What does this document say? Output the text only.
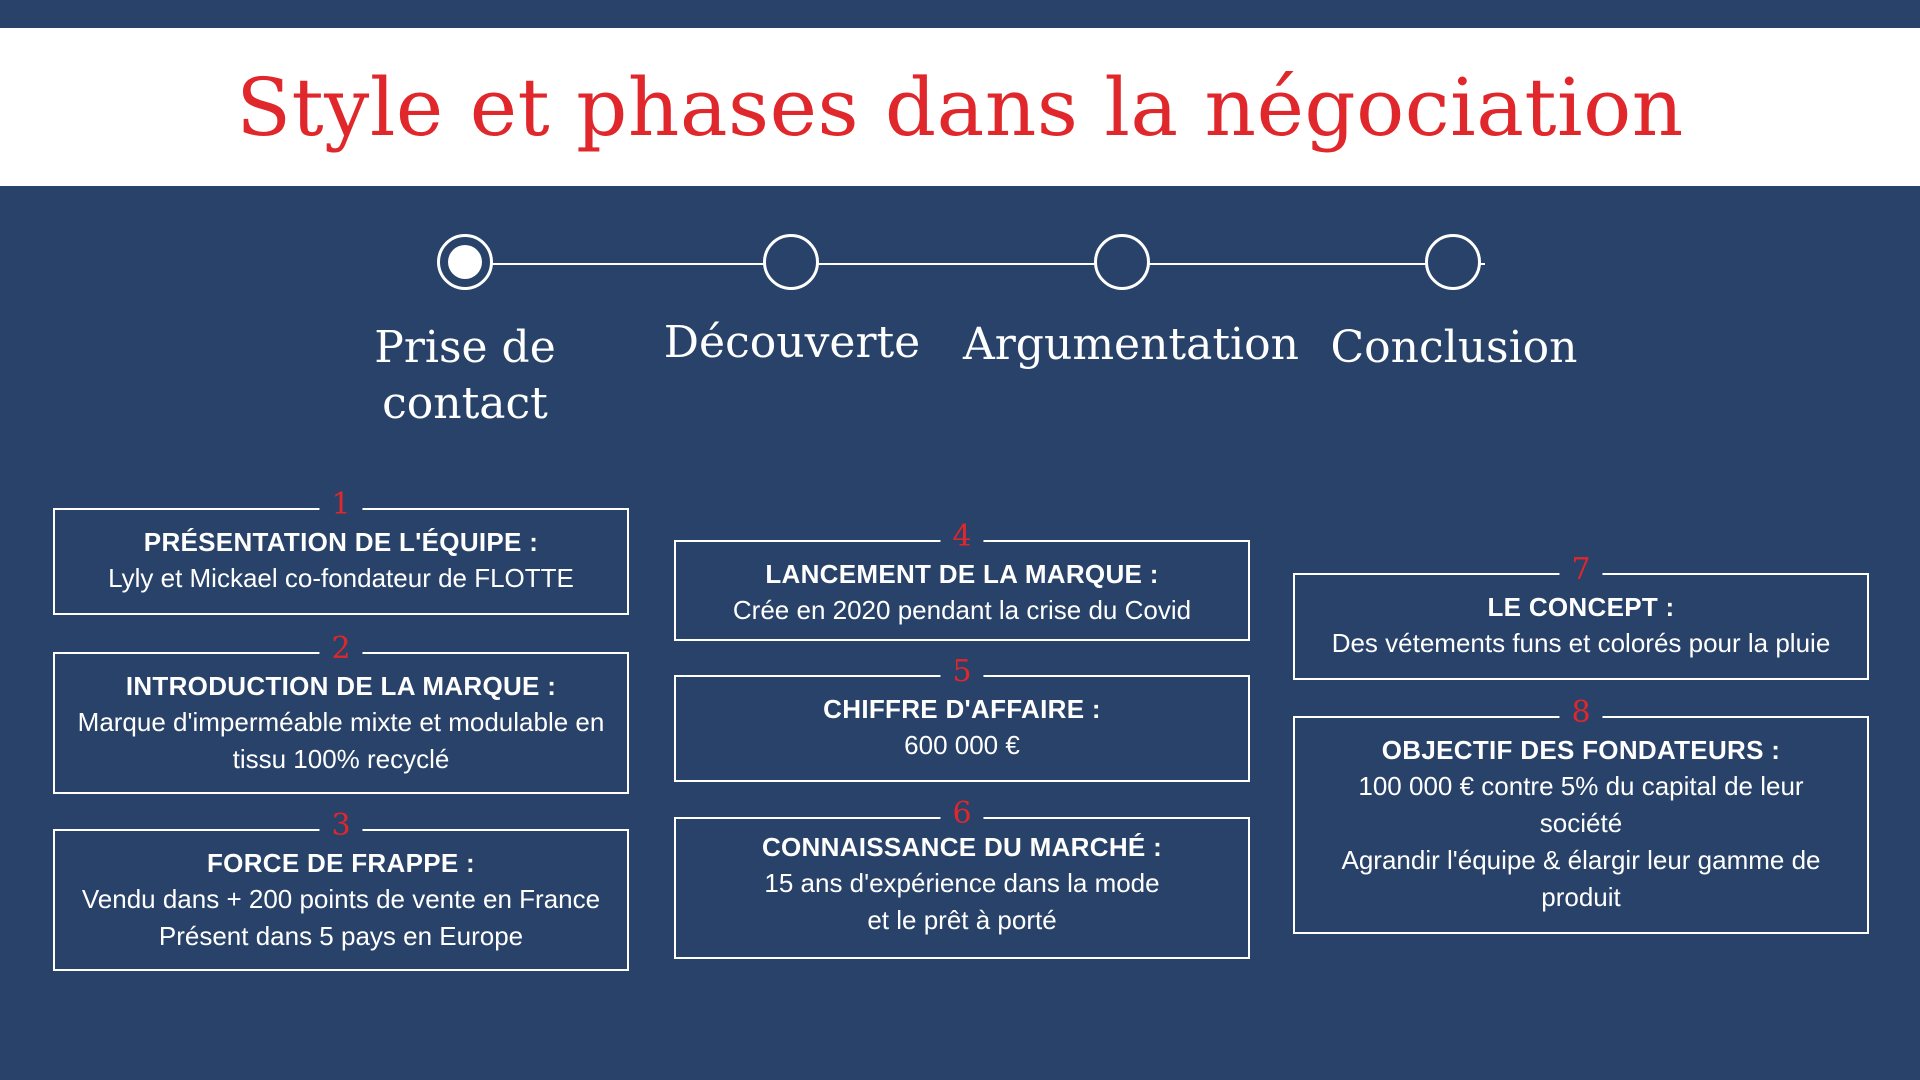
Style et phases dans la négociation
Prise de
contact
Découverte Argumentation Conclusion
1
PRÉSENTATION DE L'ÉQUIPE :
Lyly et Mickael co-fondateur de FLOTTE
2
INTRODUCTION DE LA MARQUE :
Marque d'imperméable mixte et modulable en
tissu 100% recyclé
3
FORCE DE FRAPPE :
Vendu dans + 200 points de vente en France
Présent dans 5 pays en Europe
4
LANCEMENT DE LA MARQUE :
Crée en 2020 pendant la crise du Covid
5
CHIFFRE D'AFFAIRE :
600 000 €
6
CONNAISSANCE DU MARCHÉ :
15 ans d'expérience dans la mode
et le prêt à porté
7
LE CONCEPT :
Des vétements funs et colorés pour la pluie
8
OBJECTIF DES FONDATEURS :
100 000 € contre 5% du capital de leur
société
Agrandir l'équipe & élargir leur gamme de
produit
